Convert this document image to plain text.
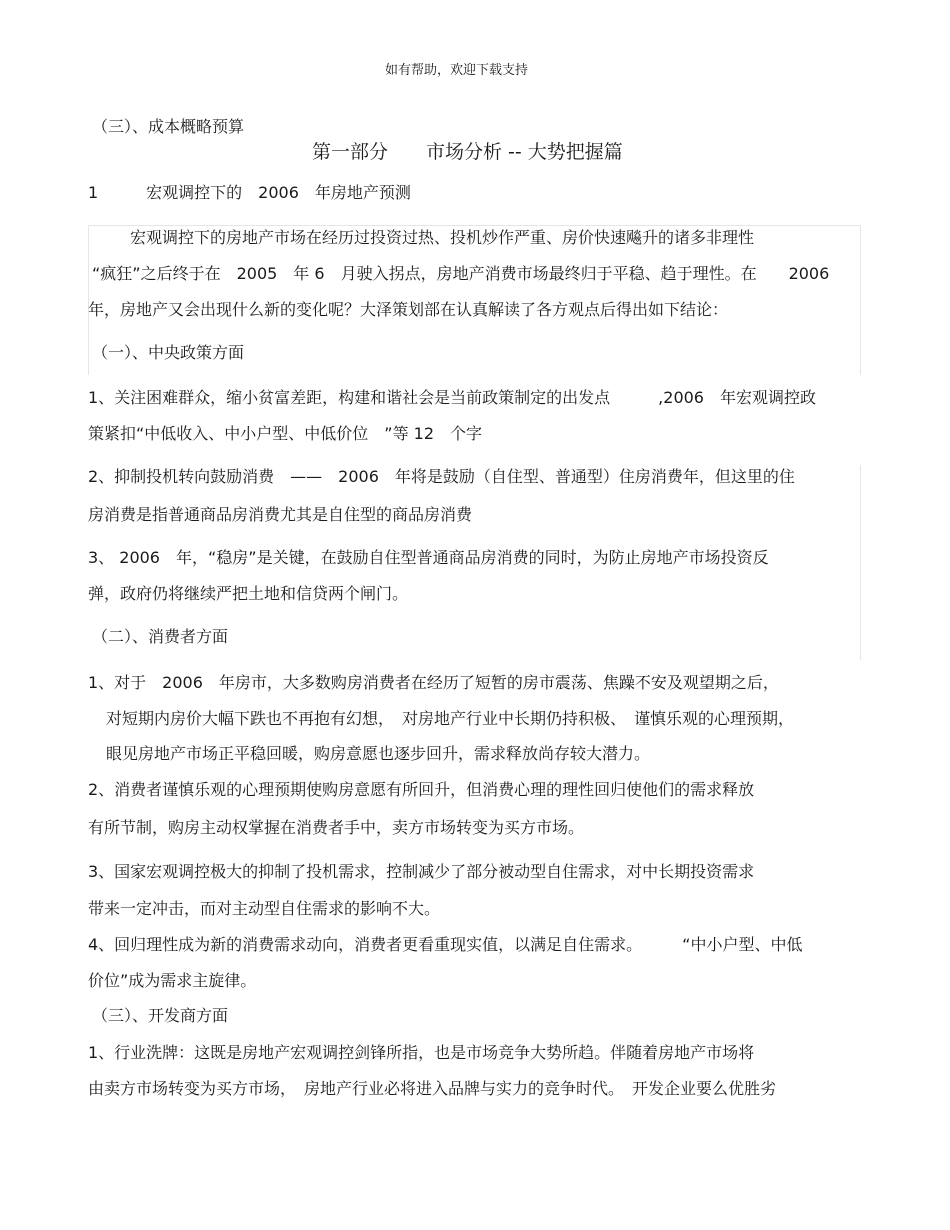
如有帮助，欢迎下载支持
（三）、成本概略预算
第一部分　　市场分析 -- 大势把握篇
1　　　宏观调控下的　2006　年房地产预测
宏观调控下的房地产市场在经历过投资过热、投机炒作严重、房价快速飚升的诸多非理性
“疯狂”之后终于在　2005　年 6　月驶入拐点，房地产消费市场最终归于平稳、趋于理性。在　　2006
年，房地产又会出现什么新的变化呢？大泽策划部在认真解读了各方观点后得出如下结论：
（一）、中央政策方面
1、关注困难群众，缩小贫富差距，构建和谐社会是当前政策制定的出发点　　　,2006　年宏观调控政
策紧扣“中低收入、中小户型、中低价位　”等 12　个字
2、抑制投机转向鼓励消费　——　2006　年将是鼓励（自住型、普通型）住房消费年，但这里的住
房消费是指普通商品房消费尤其是自住型的商品房消费
3、 2006　年，“稳房”是关键，在鼓励自住型普通商品房消费的同时，为防止房地产市场投资反
弹，政府仍将继续严把土地和信贷两个闸门。
（二）、消费者方面
1、对于　2006　年房市，大多数购房消费者在经历了短暂的房市震荡、焦躁不安及观望期之后，
对短期内房价大幅下跌也不再抱有幻想，　对房地产行业中长期仍持积极、　谨慎乐观的心理预期，
眼见房地产市场正平稳回暖，购房意愿也逐步回升，需求释放尚存较大潜力。
2、消费者谨慎乐观的心理预期使购房意愿有所回升，但消费心理的理性回归使他们的需求释放
有所节制，购房主动权掌握在消费者手中，卖方市场转变为买方市场。
3、国家宏观调控极大的抑制了投机需求，控制减少了部分被动型自住需求，对中长期投资需求
带来一定冲击，而对主动型自住需求的影响不大。
4、回归理性成为新的消费需求动向，消费者更看重现实值，以满足自住需求。　　　“中小户型、中低
价位”成为需求主旋律。
（三）、开发商方面
1、行业洗牌：这既是房地产宏观调控剑锋所指，也是市场竞争大势所趋。伴随着房地产市场将
由卖方市场转变为买方市场，　房地产行业必将进入品牌与实力的竞争时代。　开发企业要么优胜劣
